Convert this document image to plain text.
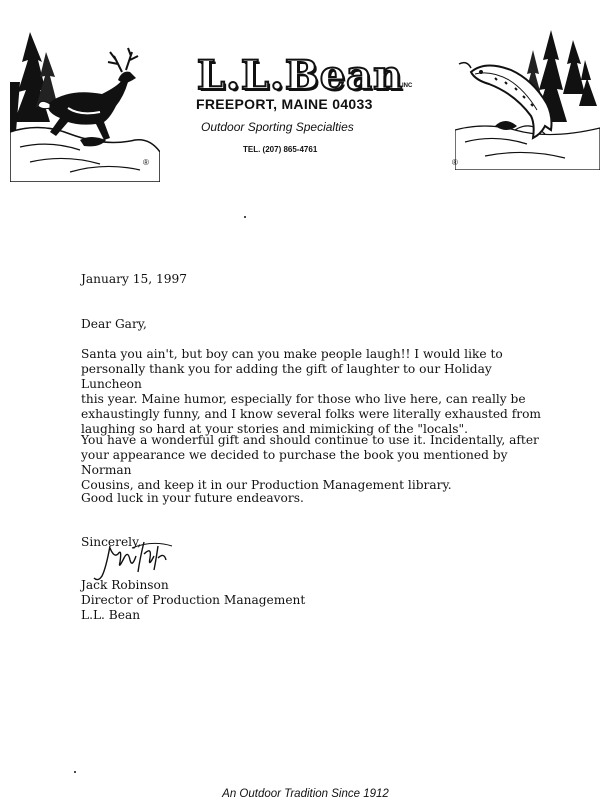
®
L.L.Bean
INC
FREEPORT, MAINE 04033
Outdoor Sporting Specialties
TEL. (207) 865-4761
®
January 15, 1997
Dear Gary,
Santa you ain't, but boy can you make people laugh!! I would like to
personally thank you for adding the gift of laughter to our Holiday Luncheon
this year. Maine humor, especially for those who live here, can really be
exhaustingly funny, and I know several folks were literally exhausted from
laughing so hard at your stories and mimicking of the "locals".
You have a wonderful gift and should continue to use it. Incidentally, after
your appearance we decided to purchase the book you mentioned by Norman
Cousins, and keep it in our Production Management library.
Good luck in your future endeavors.
Sincerely,
Jack Robinson
Director of Production Management
L.L. Bean
An Outdoor Tradition Since 1912
